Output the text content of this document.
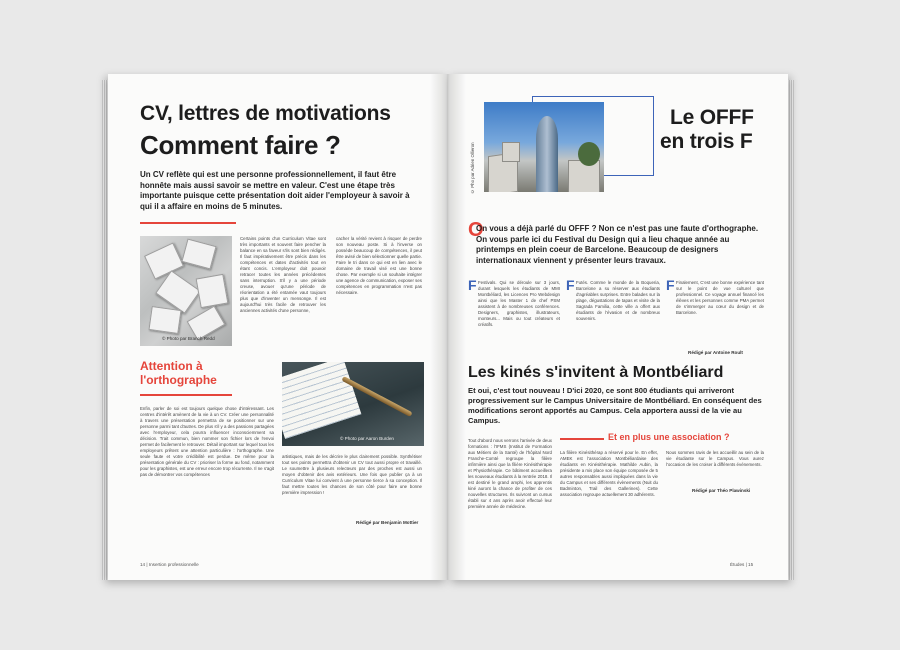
CV, lettres de motivations
Comment faire ?
Un CV reflète qui est une personne professionnellement, il faut être honnête mais aussi savoir se mettre en valeur. C'est une étape très importante puisque cette présentation doit aider l'employeur à savoir à qui il a affaire en moins de 5 minutes.
© Photo par Branch Redd
Certains points d'un Curriculum Vitae sont très importants et souvent faire pencher la balance en sa faveur s'ils sont bien rédigés. Il faut impérativement être précis dans les compétences et dates d'activités tout en étant concis. L'employeur doit pouvoir retracer toutes les années précédentes sans interruption. S'il y a une période creuse, avouer qu'une période de réorientation a été entamée vaut toujours plus que d'inventer un mensonge. Il est aujourd'hui très facile de retrouver les anciennes activités d'une personne,
cacher la vérité revient à risquer de perdre son nouveau poste. Si à l'inverse on possède beaucoup de compétences, il peut être avisé de bien sélectionner quelle partie. Faire le tri dans ce qui est en lien avec le domaine de travail visé est une bonne chose. Par exemple si un souhaite intégrer une agence de communication, exposer ses compétences en programmation n'est pas nécessaire.
Attention à l'orthographe
© Photo par Aaron Burden
Enfin, parler de soi est toujours quelque chose d'intéressant. Les centres d'intérêt amènent de la vie à un CV. Créer une personnalité à travers une présentation permettra de se positionner sur une personne parmi tant d'autres. De plus s'il y a des passions partagées avec l'employeur, cela pourra influencer inconsciemment sa décision. Trait commun, bien nommer son fichier lors de l'envoi permet de facilement le retrouver. Détail important sur lequel tous les employeurs prêtent une attention particulière : l'orthographe. Une seule faute et votre crédibilité est perdue. De même pour la présentation générale du CV : prioriser la forme au fond, notamment pour les graphistes, est une erreur encore trop récurrente. Il ne s'agit pas de démontrer vos compétences
artistiques, mais de les décrire le plus clairement possible. Synthétiser tout ses points permettra d'obtenir un CV tout aussi propre et travaillé. Le soumettre à plusieurs relecteurs par des proches est aussi un moyen d'obtenir des avis extérieurs. Une fois que publier ça à un Curriculum Vitae lui convient à une personne tierce à sa conception. Il faut mettre toutes les chances de son côté pour faire une bonne première impression !
Rédigé par Benjamin Mottier
14 | Insertion professionnelle
© Pho par Adrien Ollieron
Le OFFF
en trois F
O
On vous a déjà parlé du OFFF ? Non ce n'est pas une faute d'orthographe. On vous parle ici du Festival du Design qui a lieu chaque année au printemps en plein coeur de Barcelone. Beaucoup de designers internationaux viennent y présenter leurs travaux.
F Festivals. Qui se déroule sur 3 jours, durant lesquels les étudiants de MMI Montbéliard, les Licences Pro Webdesign ainsi que les Master 1 de chef PSM assistent à de nombreuses conférences. Designers, graphistes, illustrateurs, monteurs... Mais ou tout créateurs et créatifs.
F Futés. Comme le monde de la Boqueria, Barcelone a su réserver aux étudiants d'agréables surprises. Entre balades sur la plage, dégustations de tapas et visite de la Sagrada Familia, cette ville a offert aux étudiants de l'évasion et de nombreux souvenirs.
F Finalement, C'est une bonne expérience tant sur le point de vue culturel que professionnel. Ce voyage annuel financé les élèves et les personnes comme PMA permet de s'immerger au cœur du design et de Barcelone.
Rédigé par Antoine Roult
Les kinés s'invitent à Montbéliard
Et oui, c'est tout nouveau ! D'ici 2020, ce sont 800 étudiants qui arriveront progressivement sur le Campus Universitaire de Montbéliard. En conséquent des modifications seront apportés au Campus. Cela apportera aussi de la vie au Campus.
Tout d'abord nous verrons l'arrivée de deux formations : l'IFMS (Institut de Formation aux Métiers de la Santé) de l'hôpital Nord Franche-Comté regroupe la filière infirmière ainsi que la filière Kinésithérapie et Physiothérapie. Ce bâtiment accueillera les nouveaux étudiants à la rentrée 2018. Il est destiné le grand amphi, les apprentis kiné auront la chance de profiter de ces nouvelles structures. Ils suivront un cursus établi sur 4 ans après avoir effectué leur première année de médecine.
Et en plus une association ?
La filière Kinésithérap a réservé pour le. En effet, AMEK est l'association Montbéliardaise des étudiants en Kinésithérapie. Mathilde Aubin, la présidente a mis place son équipe composée de 5 autres responsables aussi impliquées dans la vie du Campus et ses différents évènements (Nuit du Badminton, Trail des Gallerines). Cette association regroupe actuellement 30 adhérents.
Nous sommes ravis de les accueillir au sein de la vie étudiante sur le Campus. Vous aurez l'occasion de les croiser à différents événements.
Rédigé par Théo Plawinski
Études | 15
